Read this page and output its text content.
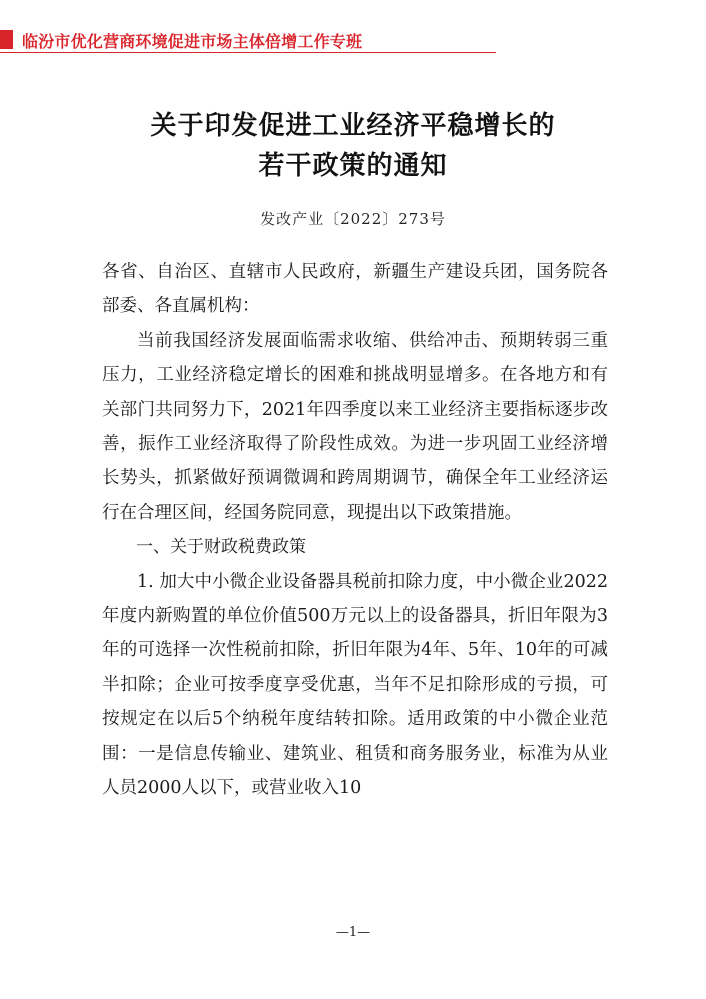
临汾市优化营商环境促进市场主体倍增工作专班
关于印发促进工业经济平稳增长的
若干政策的通知
发改产业〔2022〕273号

各省、自治区、直辖市人民政府，新疆生产建设兵团，国务院各部委、各直属机构：

当前我国经济发展面临需求收缩、供给冲击、预期转弱三重压力，工业经济稳定增长的困难和挑战明显增多。在各地方和有关部门共同努力下，2021年四季度以来工业经济主要指标逐步改善，振作工业经济取得了阶段性成效。为进一步巩固工业经济增长势头，抓紧做好预调微调和跨周期调节，确保全年工业经济运行在合理区间，经国务院同意，现提出以下政策措施。

一、关于财政税费政策

1. 加大中小微企业设备器具税前扣除力度，中小微企业2022年度内新购置的单位价值500万元以上的设备器具，折旧年限为3年的可选择一次性税前扣除，折旧年限为4年、5年、10年的可减半扣除；企业可按季度享受优惠，当年不足扣除形成的亏损，可按规定在以后5个纳税年度结转扣除。适用政策的中小微企业范围：一是信息传输业、建筑业、租赁和商务服务业，标准为从业人员2000人以下，或营业收入10

—1—
